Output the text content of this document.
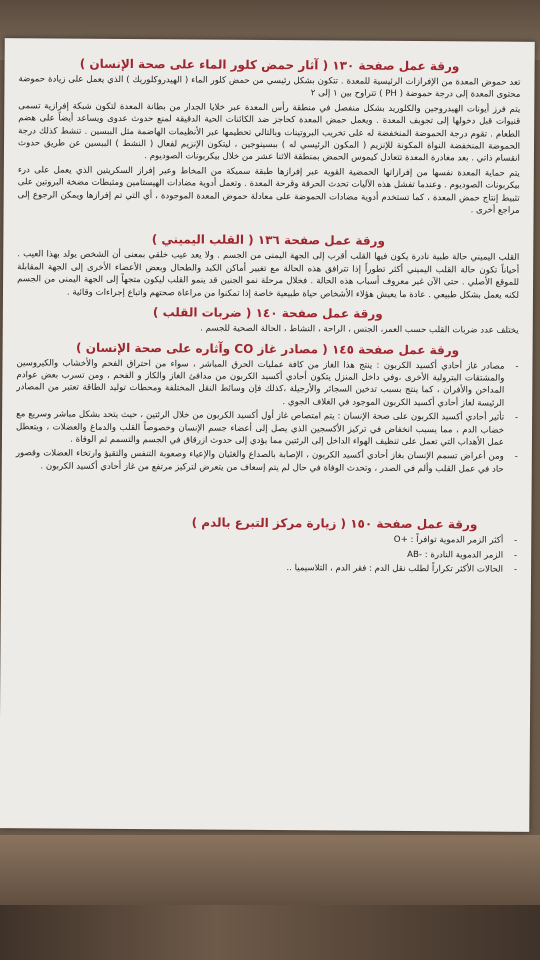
ورقة عمل صفحة ١٣٠ ( آثار حمض كلور الماء على صحة الإنسان )

تعد حموض المعدة من الإفرازات الرئيسية للمعدة . تتكون بشكل رئيسي من حمض كلور الماء ( الهيدروكلوريك ) الذي يعمل على زيادة حموضة محتوى المعدة إلى درجة حموضة ( PH ) تتراوح بين ١ إلى ٢

يتم فرز أيونات الهيدروجين والكلوريد بشكل منفصل في منطقة رأس المعدة عبر خلايا الجدار من بطانة المعدة لتكون شبكة إفرازية تسمى قنيوات قبل دخولها إلى تجويف المعدة . ويعمل حمض المعدة كحاجز ضد الكائنات الحية الدقيقة لمنع حدوث عدوى ويساعد أيضاً على هضم الطعام . تقوم درجة الحموضة المنخفضة له على تخريب البروتينات وبالتالي تحطيمها عبر الأنظيمات الهاضمة مثل الببسين . تنشط كذلك درجة الحموضة المنخفضة النواة المكونة للإنزيم ( المكون الرئيسي له ) ببسينوجين ، ليتكون الإنزيم لفعال ( النشط ) الببسين عن طريق حدوث انقسام ذاتي . بعد مغادرة المعدة تتعادل كيموس الحمض بمنطقة الاثنا عشر من خلال بيكربونات الصوديوم .

يتم حماية المعدة نفسها من إفرازاتها الحمضية القوية عبر إفرازها طبقة سميكة من المخاط وعبر إفراز السكريتين الذي يعمل على درء بيكربونات الصوديوم . وعندما تفشل هذه الآليات تحدث الحرقة وقرحة المعدة . وتعمل أدوية مضادات الهيستامين ومثبطات مضخة البروتين على تثبيط إنتاج حمض المعدة ، كما تستخدم أدوية مضادات الحموضة على معادلة حموض المعدة الموجودة ، أي التي تم إفرازها ويمكن الرجوع إلى مراجع أخرى .

ورقة عمل صفحة ١٣٦ ( القلب اليميني )

القلب اليميني حالة طبية نادرة يكون فيها القلب أقرب إلى الجهة اليمنى من الجسم . ولا يعد عيب خلقي بمعنى أن الشخص يولد بهذا العيب . أحياناً تكون حالة القلب اليميني أكثر تطوراً إذا تترافق هذه الحالة مع تغيير أماكن الكبد والطحال وبعض الأعضاء الأخرى إلى الجهة المقابلة للموقع الأصلي . حتى الآن غير معروف أسباب هذه الحالة . فخلال مرحلة نمو الجنين قد ينمو القلب ليكون متجهاً إلى الجهة اليمنى من الجسم لكنه يعمل بشكل طبيعي . عادة ما يعيش هؤلاء الأشخاص حياة طبيعية خاصة إذا تمكنوا من مراعاة صحتهم واتباع إجراءات وقائية .

ورقة عمل صفحة ١٤٠ ( ضربات القلب )

يختلف عدد ضربات القلب حسب العمر، الجنس ، الراحة ، النشاط ، الحالة الصحية للجسم .

ورقة عمل صفحة ١٤٥ ( مصادر غاز CO وآثاره على صحة الإنسان )
-
مصادر غاز أحادي أكسيد الكربون : ينتج هذا الغاز من كافة عمليات الحرق المباشر ، سواء من احتراق الفحم والأخشاب والكيروسين والمشتقات البترولية الأخرى ،وفي داخل المنزل يتكون أحادي أكسيد الكربون من مدافئ الغاز والكاز و الفحم ، ومن تسرب بعض عوادم المداخن والأفران ، كما ينتج بسبب تدخين السجائر والأرجيلة ،كذلك فإن وسائط النقل المختلفة ومحطات توليد الطاقة تعتبر من المصادر الرئيسة لغاز أحادي أكسيد الكربون الموجود في الغلاف الجوي .
-
تأثير أحادي أكسيد الكربون على صحة الإنسان : يتم امتصاص غاز أول أكسيد الكربون من خلال الرئتين ، حيث يتحد بشكل مباشر وسريع مع خضاب الدم ، مما يسبب انخفاض في تركيز الأكسجين الذي يصل إلى أعضاء جسم الإنسان وخصوصاً القلب والدماغ والعضلات ، ويتعطل عمل الأهداب التي تعمل على تنظيف الهواء الداخل إلى الرئتين مما يؤدي إلى حدوث ازرقاق في الجسم والتسمم ثم الوفاة .
-
ومن أعراض تسمم الإنسان بغاز أحادي أكسيد الكربون ، الإصابة بالصداع والغثيان والإعياء وصعوبة التنفس والتقيؤ وارتخاء العضلات وقصور حاد في عمل القلب وألم في الصدر ، وتحدث الوفاة في حال لم يتم إسعاف من يتعرض لتركيز مرتفع من غاز أحادي أكسيد الكربون .
ورقة عمل صفحة ١٥٠ ( زيارة مركز التبرع بالدم )
-
أكثر الزمر الدموية توافراً : +O
-
الزمر الدموية النادرة : -AB
-
الحالات الأكثر تكراراً لطلب نقل الدم : فقر الدم ، التلاسيميا ..
